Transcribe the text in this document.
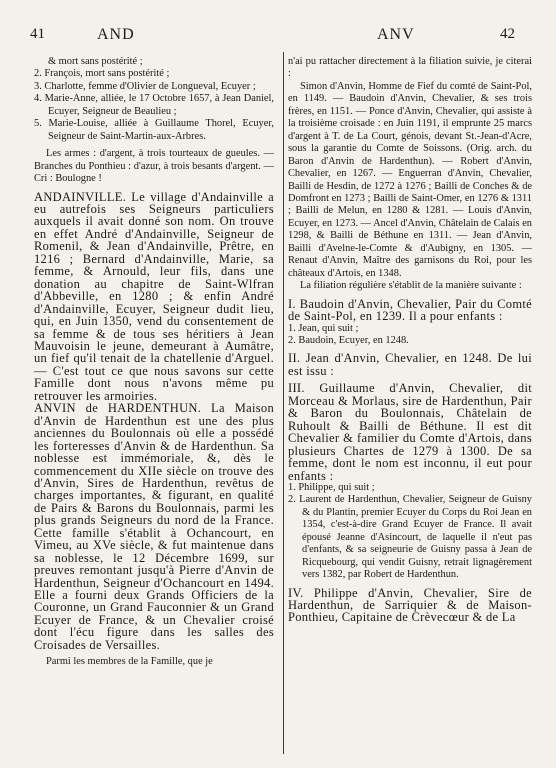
41	AND	ANV	42

& mort sans postérité ;

2. François, mort sans postérité ;

3. Charlotte, femme d'Olivier de Longueval, Ecuyer ;

4. Marie-Anne, alliée, le 17 Octobre 1657, à Jean Daniel, Ecuyer, Seigneur de Beaulieu ;

5. Marie-Louise, alliée à Guillaume Thorel, Ecuyer, Seigneur de Saint-Martin-aux-Arbres.

Les armes : d'argent, à trois tourteaux de gueules. — Branches du Ponthieu : d'azur, à trois besants d'argent. — Cri : Boulogne !

ANDAINVILLE. Le village d'Andainville a eu autrefois ses Seigneurs particuliers auxquels il avait donné son nom. On trouve en effet André d'Andainville, Seigneur de Romenil, & Jean d'Andainville, Prêtre, en 1216 ; Bernard d'Andainville, Marie, sa femme, & Arnould, leur fils, dans une donation au chapitre de Saint-Wlfran d'Abbeville, en 1280 ; & enfin André d'Andainville, Ecuyer, Seigneur dudit lieu, qui, en Juin 1350, vend du consentement de sa femme & de tous ses héritiers à Jean Mauvoisin le jeune, demeurant à Aumâtre, un fief qu'il tenait de la chatellenie d'Arguel. — C'est tout ce que nous savons sur cette Famille dont nous n'avons même pu retrouver les armoiries.

ANVIN de HARDENTHUN. La Maison d'Anvin de Hardenthun est une des plus anciennes du Boulonnais où elle a possédé les forteresses d'Anvin & de Hardenthun. Sa noblesse est immémoriale, &, dès le commencement du XIIe siècle on trouve des d'Anvin, Sires de Hardenthun, revêtus de charges importantes, & figurant, en qualité de Pairs & Barons du Boulonnais, parmi les plus grands Seigneurs du nord de la France. Cette famille s'établit à Ochancourt, en Vimeu, au XVe siècle, & fut maintenue dans sa noblesse, le 12 Décembre 1699, sur preuves remontant jusqu'à Pierre d'Anvin de Hardenthun, Seigneur d'Ochancourt en 1494. Elle a fourni deux Grands Officiers de la Couronne, un Grand Fauconnier & un Grand Ecuyer de France, & un Chevalier croisé dont l'écu figure dans les salles des Croisades de Versailles.

Parmi les membres de la Famille, que je

n'ai pu rattacher directement à la filiation suivie, je citerai :

Simon d'Anvin, Homme de Fief du comté de Saint-Pol, en 1149. — Baudoin d'Anvin, Chevalier, & ses trois frères, en 1151. — Ponce d'Anvin, Chevalier, qui assiste à la troisième croisade : en Juin 1191, il emprunte 25 marcs d'argent à T. de La Court, génois, devant St.-Jean-d'Acre, sous la garantie du Comte de Soissons. (Orig. arch. du Baron d'Anvin de Hardenthun). — Robert d'Anvin, Chevalier, en 1267. — Enguerran d'Anvin, Chevalier, Bailli de Hesdin, de 1272 à 1276 ; Bailli de Conches & de Domfront en 1273 ; Bailli de Saint-Omer, en 1276 & 1311 ; Bailli de Melun, en 1280 & 1281. — Louis d'Anvin, Ecuyer, en 1273. — Ancel d'Anvin, Châtelain de Calais en 1298, & Bailli de Béthune en 1311. — Jean d'Anvin, Bailli d'Avelne-le-Comte & d'Aubigny, en 1305. — Renaut d'Anvin, Maître des garnisons du Roi, pour les châteaux d'Artois, en 1348.

La filiation régulière s'établit de la manière suivante :

I. Baudoin d'Anvin, Chevalier, Pair du Comté de Saint-Pol, en 1239. Il a pour enfants :

1. Jean, qui suit ;

2. Baudoin, Ecuyer, en 1248.

II. Jean d'Anvin, Chevalier, en 1248. De lui est issu :

III. Guillaume d'Anvin, Chevalier, dit Morceau & Morlaus, sire de Hardenthun, Pair & Baron du Boulonnais, Châtelain de Ruhoult & Bailli de Béthune. Il est dit Chevalier & familier du Comte d'Artois, dans plusieurs Chartes de 1279 à 1300. De sa femme, dont le nom est inconnu, il eut pour enfants :

1. Philippe, qui suit ;

2. Laurent de Hardenthun, Chevalier, Seigneur de Guisny & du Plantin, premier Ecuyer du Corps du Roi Jean en 1354, c'est-à-dire Grand Ecuyer de France. Il avait épousé Jeanne d'Asincourt, de laquelle il n'eut pas d'enfants, & sa seigneurie de Guisny passa à Jean de Ricquebourg, qui vendit Guisny, retrait lignagèrement vers 1382, par Robert de Hardenthun.

IV. Philippe d'Anvin, Chevalier, Sire de Hardenthun, de Sarriquier & de Maison-Ponthieu, Capitaine de Crèvecœur & de La
